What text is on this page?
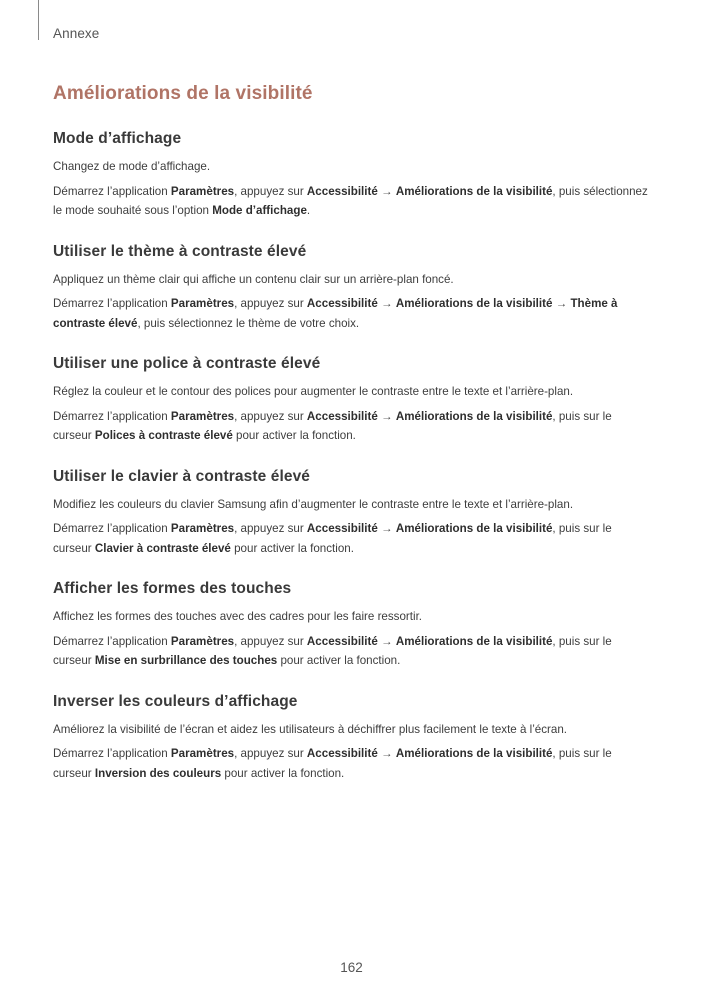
Annexe
Améliorations de la visibilité
Mode d’affichage

Changez de mode d’affichage.

Démarrez l’application Paramètres, appuyez sur Accessibilité → Améliorations de la visibilité, puis sélectionnez le mode souhaité sous l’option Mode d’affichage.

Utiliser le thème à contraste élevé

Appliquez un thème clair qui affiche un contenu clair sur un arrière-plan foncé.

Démarrez l’application Paramètres, appuyez sur Accessibilité → Améliorations de la visibilité → Thème à contraste élevé, puis sélectionnez le thème de votre choix.

Utiliser une police à contraste élevé

Réglez la couleur et le contour des polices pour augmenter le contraste entre le texte et l’arrière-plan.

Démarrez l’application Paramètres, appuyez sur Accessibilité → Améliorations de la visibilité, puis sur le curseur Polices à contraste élevé pour activer la fonction.

Utiliser le clavier à contraste élevé

Modifiez les couleurs du clavier Samsung afin d’augmenter le contraste entre le texte et l’arrière-plan.

Démarrez l’application Paramètres, appuyez sur Accessibilité → Améliorations de la visibilité, puis sur le curseur Clavier à contraste élevé pour activer la fonction.

Afficher les formes des touches

Affichez les formes des touches avec des cadres pour les faire ressortir.

Démarrez l’application Paramètres, appuyez sur Accessibilité → Améliorations de la visibilité, puis sur le curseur Mise en surbrillance des touches pour activer la fonction.

Inverser les couleurs d’affichage

Améliorez la visibilité de l’écran et aidez les utilisateurs à déchiffrer plus facilement le texte à l’écran.

Démarrez l’application Paramètres, appuyez sur Accessibilité → Améliorations de la visibilité, puis sur le curseur Inversion des couleurs pour activer la fonction.

162
